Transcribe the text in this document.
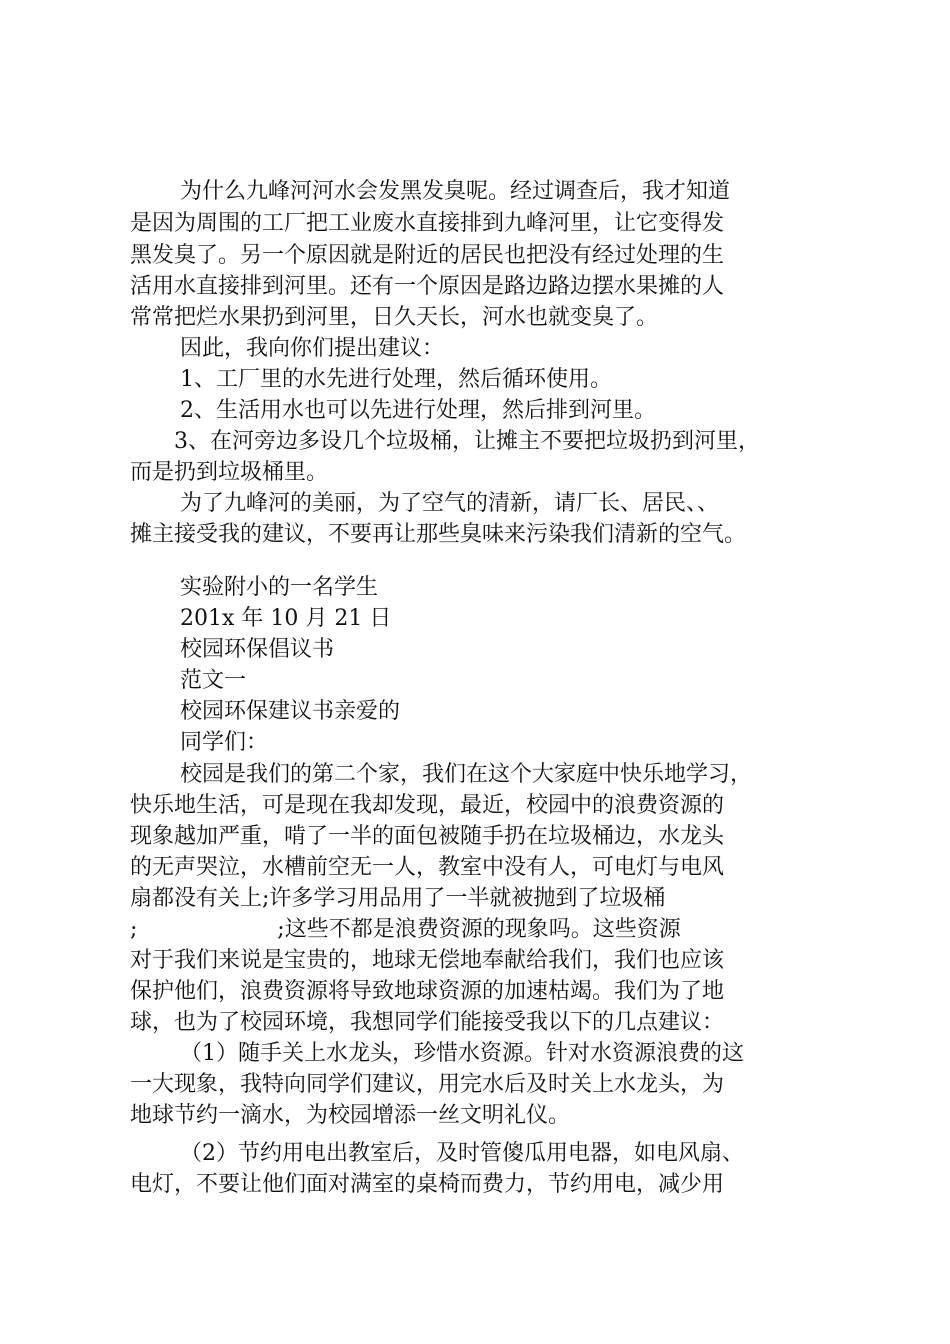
为什么九峰河河水会发黑发臭呢。经过调查后，我才知道
是因为周围的工厂把工业废水直接排到九峰河里，让它变得发
黑发臭了。另一个原因就是附近的居民也把没有经过处理的生
活用水直接排到河里。还有一个原因是路边路边摆水果摊的人
常常把烂水果扔到河里，日久天长，河水也就变臭了。
因此，我向你们提出建议：
1、工厂里的水先进行处理，然后循环使用。
2、生活用水也可以先进行处理，然后排到河里。
3、在河旁边多设几个垃圾桶，让摊主不要把垃圾扔到河里，
而是扔到垃圾桶里。
为了九峰河的美丽，为了空气的清新，请厂长、居民、、
摊主接受我的建议，不要再让那些臭味来污染我们清新的空气。
实验附小的一名学生
201x 年 10 月 21 日
校园环保倡议书
范文一
校园环保建议书亲爱的
同学们：
校园是我们的第二个家，我们在这个大家庭中快乐地学习，
快乐地生活，可是现在我却发现，最近，校园中的浪费资源的
现象越加严重，啃了一半的面包被随手扔在垃圾桶边，水龙头
的无声哭泣，水槽前空无一人，教室中没有人，可电灯与电风
扇都没有关上;许多学习用品用了一半就被抛到了垃圾桶
;                    ;这些不都是浪费资源的现象吗。这些资源
对于我们来说是宝贵的，地球无偿地奉献给我们，我们也应该
保护他们，浪费资源将导致地球资源的加速枯竭。我们为了地
球，也为了校园环境，我想同学们能接受我以下的几点建议：
（1）随手关上水龙头，珍惜水资源。针对水资源浪费的这
一大现象，我特向同学们建议，用完水后及时关上水龙头，为
地球节约一滴水，为校园增添一丝文明礼仪。
（2）节约用电出教室后，及时管傻瓜用电器，如电风扇、
电灯，不要让他们面对满室的桌椅而费力，节约用电，减少用
